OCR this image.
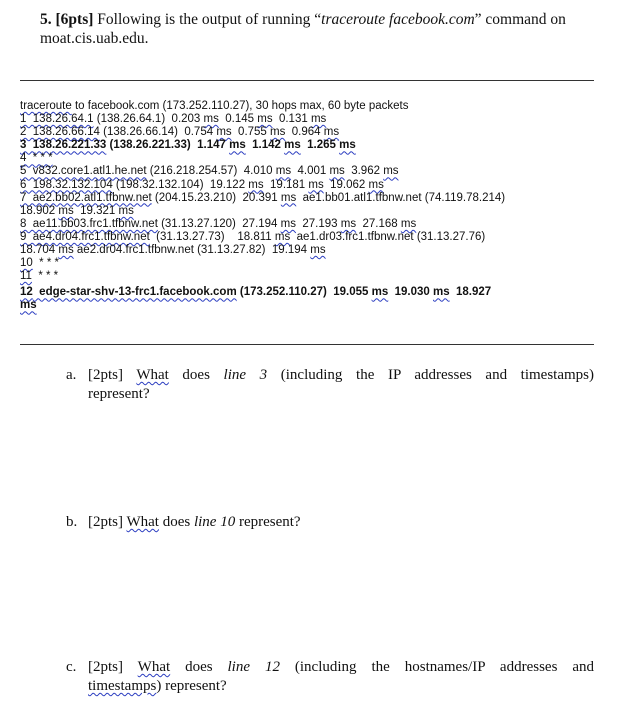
5. [6pts] Following is the output of running “traceroute facebook.com” command on
moat.cis.uab.edu.
traceroute to facebook.com (173.252.110.27), 30 hops max, 60 byte packets
1  138.26.64.1 (138.26.64.1)  0.203 ms  0.145 ms  0.131 ms
2  138.26.66.14 (138.26.66.14)  0.754 ms  0.755 ms  0.964 ms
3  138.26.221.33 (138.26.221.33)  1.147 ms  1.142 ms  1.265 ms
4  * * *
5  v832.core1.atl1.he.net (216.218.254.57)  4.010 ms  4.001 ms  3.962 ms
6  198.32.132.104 (198.32.132.104)  19.122 ms  19.181 ms  19.062 ms
7  ae2.bb02.atl1.tfbnw.net (204.15.23.210)  20.391 ms  ae1.bb01.atl1.tfbnw.net (74.119.78.214)
18.902 ms  19.321 ms
8  ae11.bb03.frc1.tfbnw.net (31.13.27.120)  27.194 ms  27.193 ms  27.168 ms
9  ae4.dr04.frc1.tfbnw.net  (31.13.27.73)    18.811 ms  ae1.dr03.frc1.tfbnw.net (31.13.27.76)
18.704 ms ae2.dr04.frc1.tfbnw.net (31.13.27.82)  19.194 ms
10  * * *
11  * * *
12  edge-star-shv-13-frc1.facebook.com (173.252.110.27)  19.055 ms  19.030 ms  18.927
ms
a. [2pts] What does line 3 (including the IP addresses and timestamps)
represent?
b. [2pts] What does line 10 represent?
c. [2pts] What does line 12 (including the hostnames/IP addresses and
timestamps) represent?
